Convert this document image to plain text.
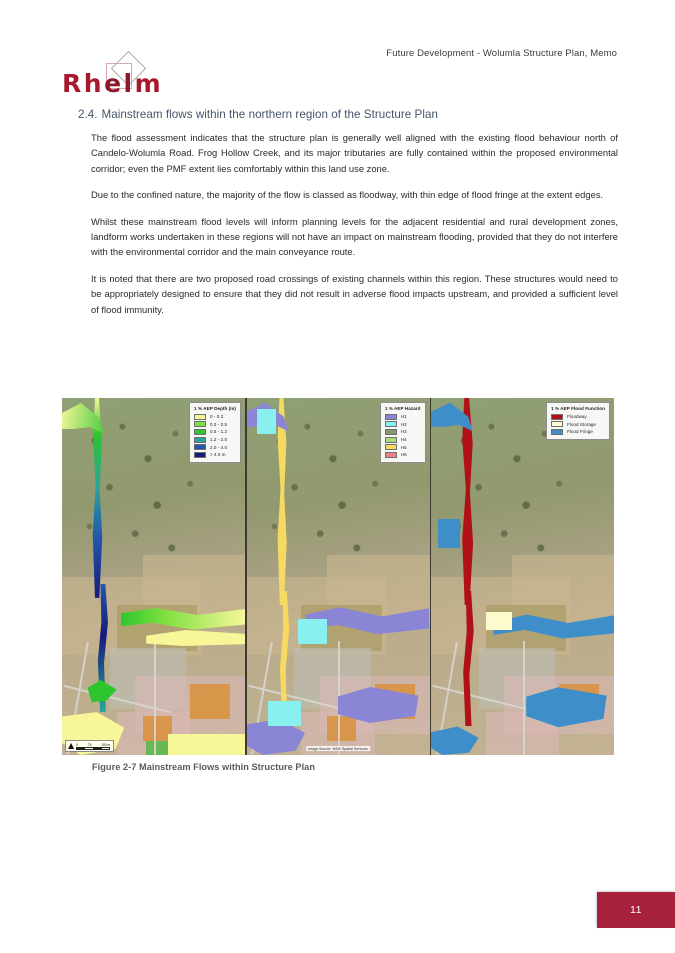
Future Development - Wolumla Structure Plan, Memo
Rhelm
2.4. Mainstream flows within the northern region of the Structure Plan

The flood assessment indicates that the structure plan is generally well aligned with the existing flood behaviour north of Candelo-Wolumla Road. Frog Hollow Creek, and its major tributaries are fully contained within the proposed environmental corridor; even the PMF extent lies comfortably within this land use zone.

Due to the confined nature, the majority of the flow is classed as floodway, with thin edge of flood fringe at the extent edges.

Whilst these mainstream flood levels will inform planning levels for the adjacent residential and rural development zones, landform works undertaken in these regions will not have an impact on mainstream flooding, provided that they do not interfere with the environmental corridor and the main conveyance route.

It is noted that there are two proposed road crossings of existing channels within this region. These structures would need to be appropriately designed to ensure that they did not result in adverse flood impacts upstream, and provided a sufficient level of flood immunity.

1 % AEP Depth (m)
0 - 0.3
0.3 - 0.5
0.5 - 1.2
1.2 - 2.0
2.0 - 4.0
> 4.0 m
▲ 0	75	150 m
1 % AEP Hazard
H1
H2
H3
H4
H5
H6
Image Source: NSW Spatial Services
1 % AEP Flood Function
Floodway
Flood Storage
Flood Fringe
Figure 2-7 Mainstream Flows within Structure Plan
11
